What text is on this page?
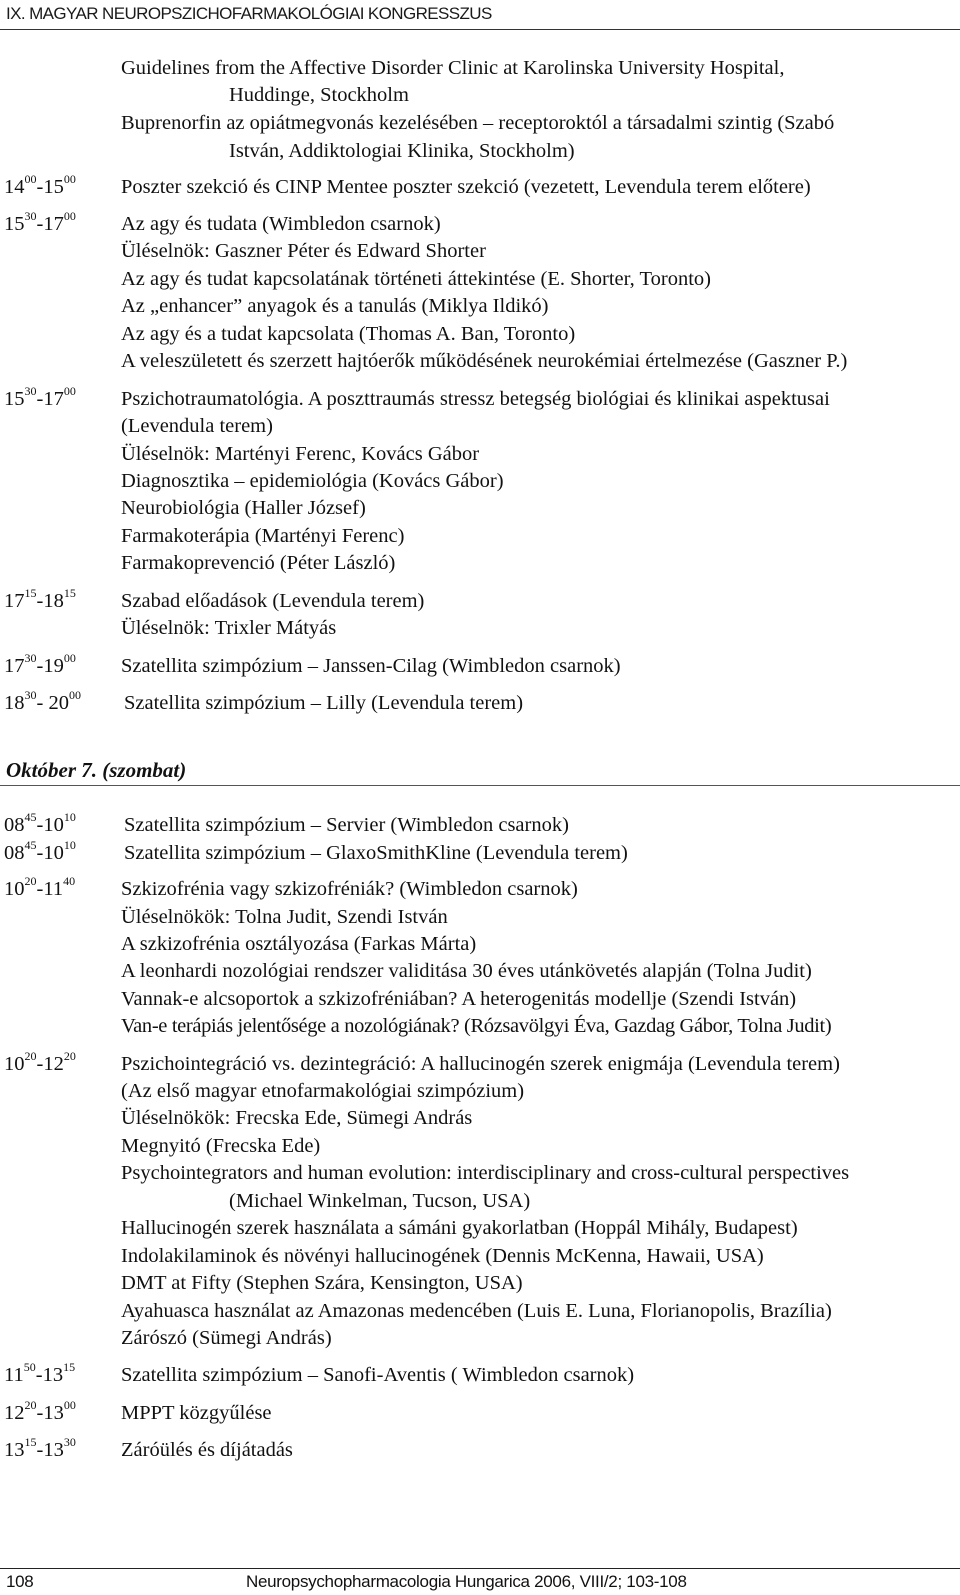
IX. MAGYAR NEUROPSZICHOFARMAKOLÓGIAI KONGRESSZUS
Guidelines from the Affective Disorder Clinic at Karolinska University Hospital,
Huddinge, Stockholm
Buprenorfin az opiátmegvonás kezelésében – receptoroktól a társadalmi szintig (Szabó
István, Addiktologiai Klinika, Stockholm)
$14^{00}-15^{00}$ Poszter szekció és CINP Mentee poszter szekció (vezetett, Levendula terem előtere)
$15^{30}-17^{00}$ Az agy és tudata (Wimbledon csarnok)
Üléselnök: Gaszner Péter és Edward Shorter
Az agy és tudat kapcsolatának történeti áttekintése (E. Shorter, Toronto)
Az „enhancer” anyagok és a tanulás (Miklya Ildikó)
Az agy és a tudat kapcsolata (Thomas A. Ban, Toronto)
A veleszületett és szerzett hajtóerők működésének neurokémiai értelmezése (Gaszner P.)
$15^{30}-17^{00}$ Pszichotraumatológia. A poszttraumás stressz betegség biológiai és klinikai aspektusai
(Levendula terem)
Üléselnök: Martényi Ferenc, Kovács Gábor
Diagnosztika – epidemiológia (Kovács Gábor)
Neurobiológia (Haller József)
Farmakoterápia (Martényi Ferenc)
Farmakoprevenció (Péter László)
$17^{15}-18^{15}$ Szabad előadások (Levendula terem)
Üléselnök: Trixler Mátyás
$17^{30}-19^{00}$ Szatellita szimpózium – Janssen-Cilag (Wimbledon csarnok)
$18^{30}-$ $20^{00}$ Szatellita szimpózium – Lilly (Levendula terem)
Október 7. (szombat)
$08^{45}-10^{10}$ Szatellita szimpózium – Servier (Wimbledon csarnok)
$08^{45}-10^{10}$ Szatellita szimpózium – GlaxoSmithKline (Levendula terem)
$10^{20}-11^{40}$ Szkizofrénia vagy szkizofréniák? (Wimbledon csarnok)
Üléselnökök: Tolna Judit, Szendi István
A szkizofrénia osztályozása (Farkas Márta)
A leonhardi nozológiai rendszer validitása 30 éves utánkövetés alapján (Tolna Judit)
Vannak-e alcsoportok a szkizofréniában? A heterogenitás modellje (Szendi István)
Van-e terápiás jelentősége a nozológiának? (Rózsavölgyi Éva, Gazdag Gábor, Tolna Judit)
$10^{20}-12^{20}$ Pszichointegráció vs. dezintegráció: A hallucinogén szerek enigmája (Levendula terem)
(Az első magyar etnofarmakológiai szimpózium)
Üléselnökök: Frecska Ede, Sümegi András
Megnyitó (Frecska Ede)
Psychointegrators and human evolution: interdisciplinary and cross-cultural perspectives
(Michael Winkelman, Tucson, USA)
Hallucinogén szerek használata a sámáni gyakorlatban (Hoppál Mihály, Budapest)
Indolakilaminok és növényi hallucinogének (Dennis McKenna, Hawaii, USA)
DMT at Fifty (Stephen Szára, Kensington, USA)
Ayahuasca használat az Amazonas medencében (Luis E. Luna, Florianopolis, Brazília)
Zárószó (Sümegi András)
$11^{50}-13^{15}$ Szatellita szimpózium – Sanofi-Aventis ( Wimbledon csarnok)
$12^{20}-13^{00}$ MPPT közgyűlése
$13^{15}-13^{30}$ Záróülés és díjátadás
108	Neuropsychopharmacologia Hungarica 2006, VIII/2; 103-108
